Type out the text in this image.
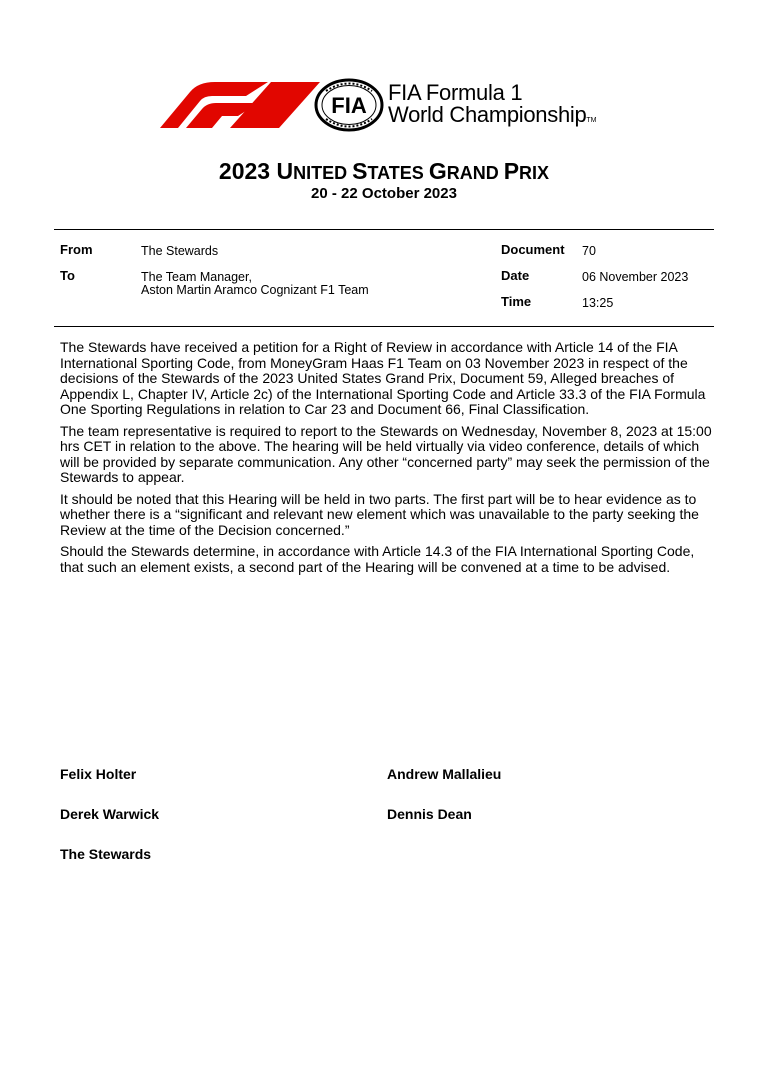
FIA
FIA Formula 1
World ChampionshipTM
2023 UNITED STATES GRAND PRIX
20 - 22 October 2023
From	The Stewards
To	The Team Manager,
Aston Martin Aramco Cognizant F1 Team
Document 70
Date	06 November 2023
Time	13:25

The Stewards have received a petition for a Right of Review in accordance with Article 14 of the FIA International Sporting Code, from MoneyGram Haas F1 Team on 03 November 2023 in respect of the decisions of the Stewards of the 2023 United States Grand Prix, Document 59, Alleged breaches of Appendix L, Chapter IV, Article 2c) of the International Sporting Code and Article 33.3 of the FIA Formula One Sporting Regulations in relation to Car 23 and Document 66, Final Classification.

The team representative is required to report to the Stewards on Wednesday, November 8, 2023 at 15:00 hrs CET in relation to the above. The hearing will be held virtually via video conference, details of which will be provided by separate communication. Any other “concerned party” may seek the permission of the Stewards to appear.

It should be noted that this Hearing will be held in two parts. The first part will be to hear evidence as to whether there is a “significant and relevant new element which was unavailable to the party seeking the Review at the time of the Decision concerned.”

Should the Stewards determine, in accordance with Article 14.3 of the FIA International Sporting Code, that such an element exists, a second part of the Hearing will be convened at a time to be advised.

Felix Holter	Andrew Mallalieu
Derek Warwick	Dennis Dean
The Stewards
